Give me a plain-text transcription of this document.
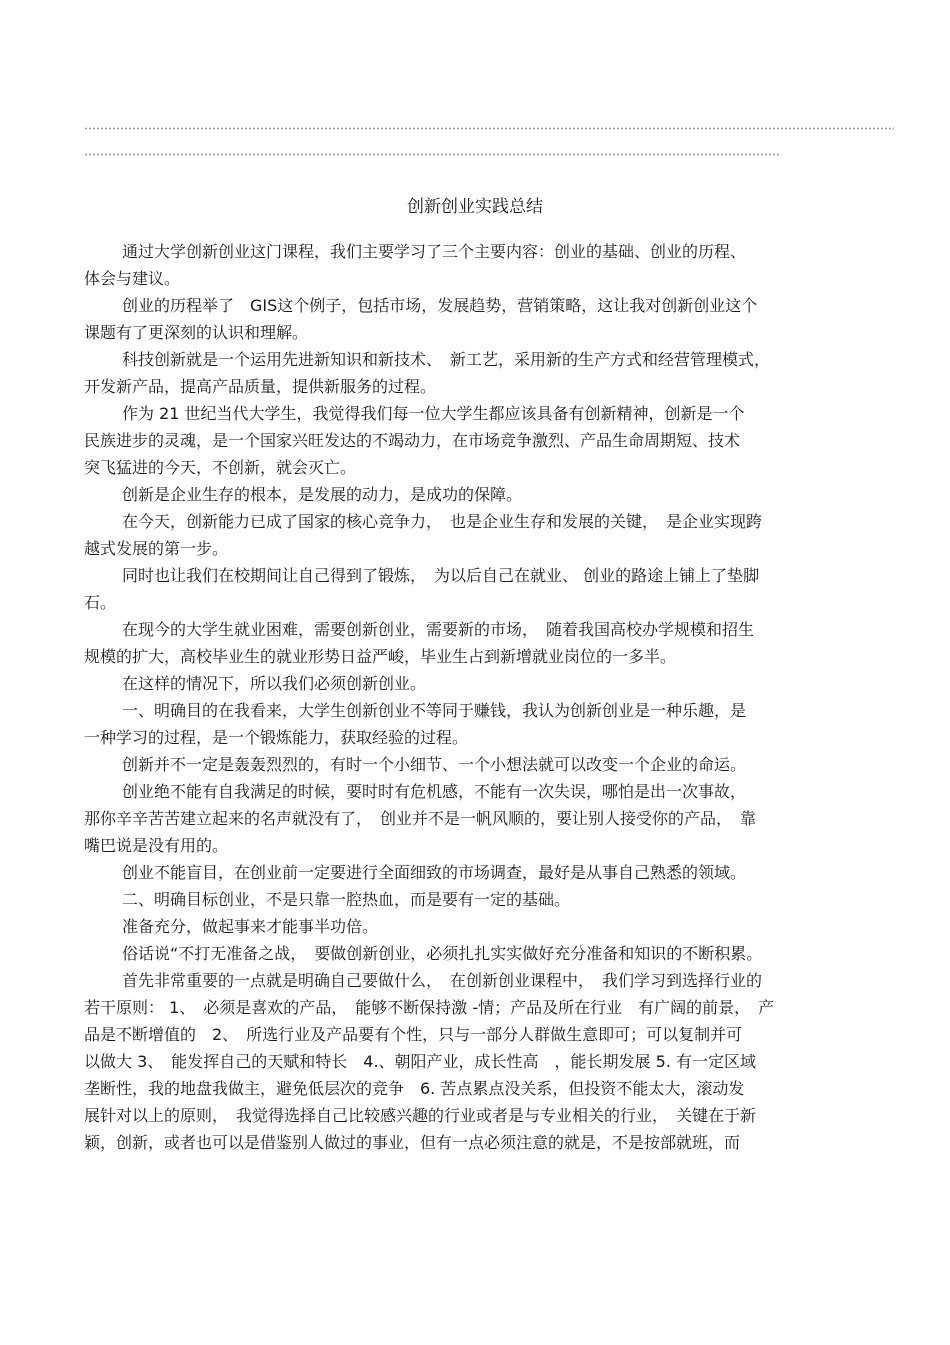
创新创业实践总结
通过大学创新创业这门课程，我们主要学习了三个主要内容：创业的基础、创业的历程、
体会与建议。
创业的历程举了　GIS这个例子，包括市场，发展趋势，营销策略，这让我对创新创业这个
课题有了更深刻的认识和理解。
科技创新就是一个运用先进新知识和新技术、　新工艺，采用新的生产方式和经营管理模式，
开发新产品，提高产品质量，提供新服务的过程。
作为 21 世纪当代大学生，我觉得我们每一位大学生都应该具备有创新精神，创新是一个
民族进步的灵魂，是一个国家兴旺发达的不竭动力，在市场竞争激烈、产品生命周期短、技术
突飞猛进的今天，不创新，就会灭亡。
创新是企业生存的根本，是发展的动力，是成功的保障。
在今天，创新能力已成了国家的核心竞争力，　也是企业生存和发展的关键，　是企业实现跨
越式发展的第一步。
同时也让我们在校期间让自己得到了锻炼，　为以后自己在就业、 创业的路途上铺上了垫脚
石。
在现今的大学生就业困难，需要创新创业，需要新的市场，　随着我国高校办学规模和招生
规模的扩大，高校毕业生的就业形势日益严峻，毕业生占到新增就业岗位的一多半。
在这样的情况下，所以我们必须创新创业。
一、明确目的在我看来，大学生创新创业不等同于赚钱，我认为创新创业是一种乐趣，是
一种学习的过程，是一个锻炼能力，获取经验的过程。
创新并不一定是轰轰烈烈的，有时一个小细节、一个小想法就可以改变一个企业的命运。
创业绝不能有自我满足的时候，要时时有危机感，不能有一次失误，哪怕是出一次事故，
那你辛辛苦苦建立起来的名声就没有了，　创业并不是一帆风顺的，要让别人接受你的产品，　靠
嘴巴说是没有用的。
创业不能盲目，在创业前一定要进行全面细致的市场调查，最好是从事自己熟悉的领域。
二、明确目标创业，不是只靠一腔热血，而是要有一定的基础。
准备充分，做起事来才能事半功倍。
俗话说“不打无准备之战，　要做创新创业，必须扎扎实实做好充分准备和知识的不断积累。
首先非常重要的一点就是明确自己要做什么，　在创新创业课程中，　我们学习到选择行业的
若干原则： 1、　必须是喜欢的产品，　能够不断保持激 -情；产品及所在行业　有广阔的前景，　产
品是不断增值的　2、　所选行业及产品要有个性，只与一部分人群做生意即可；可以复制并可
以做大 3、　能发挥自己的天赋和特长　4.、朝阳产业，成长性高　，能长期发展 5. 有一定区域
垄断性，我的地盘我做主，避免低层次的竞争　6. 苦点累点没关系，但投资不能太大，滚动发
展针对以上的原则，　我觉得选择自己比较感兴趣的行业或者是与专业相关的行业，　关键在于新
颖，创新，或者也可以是借鉴别人做过的事业，但有一点必须注意的就是，不是按部就班，而
